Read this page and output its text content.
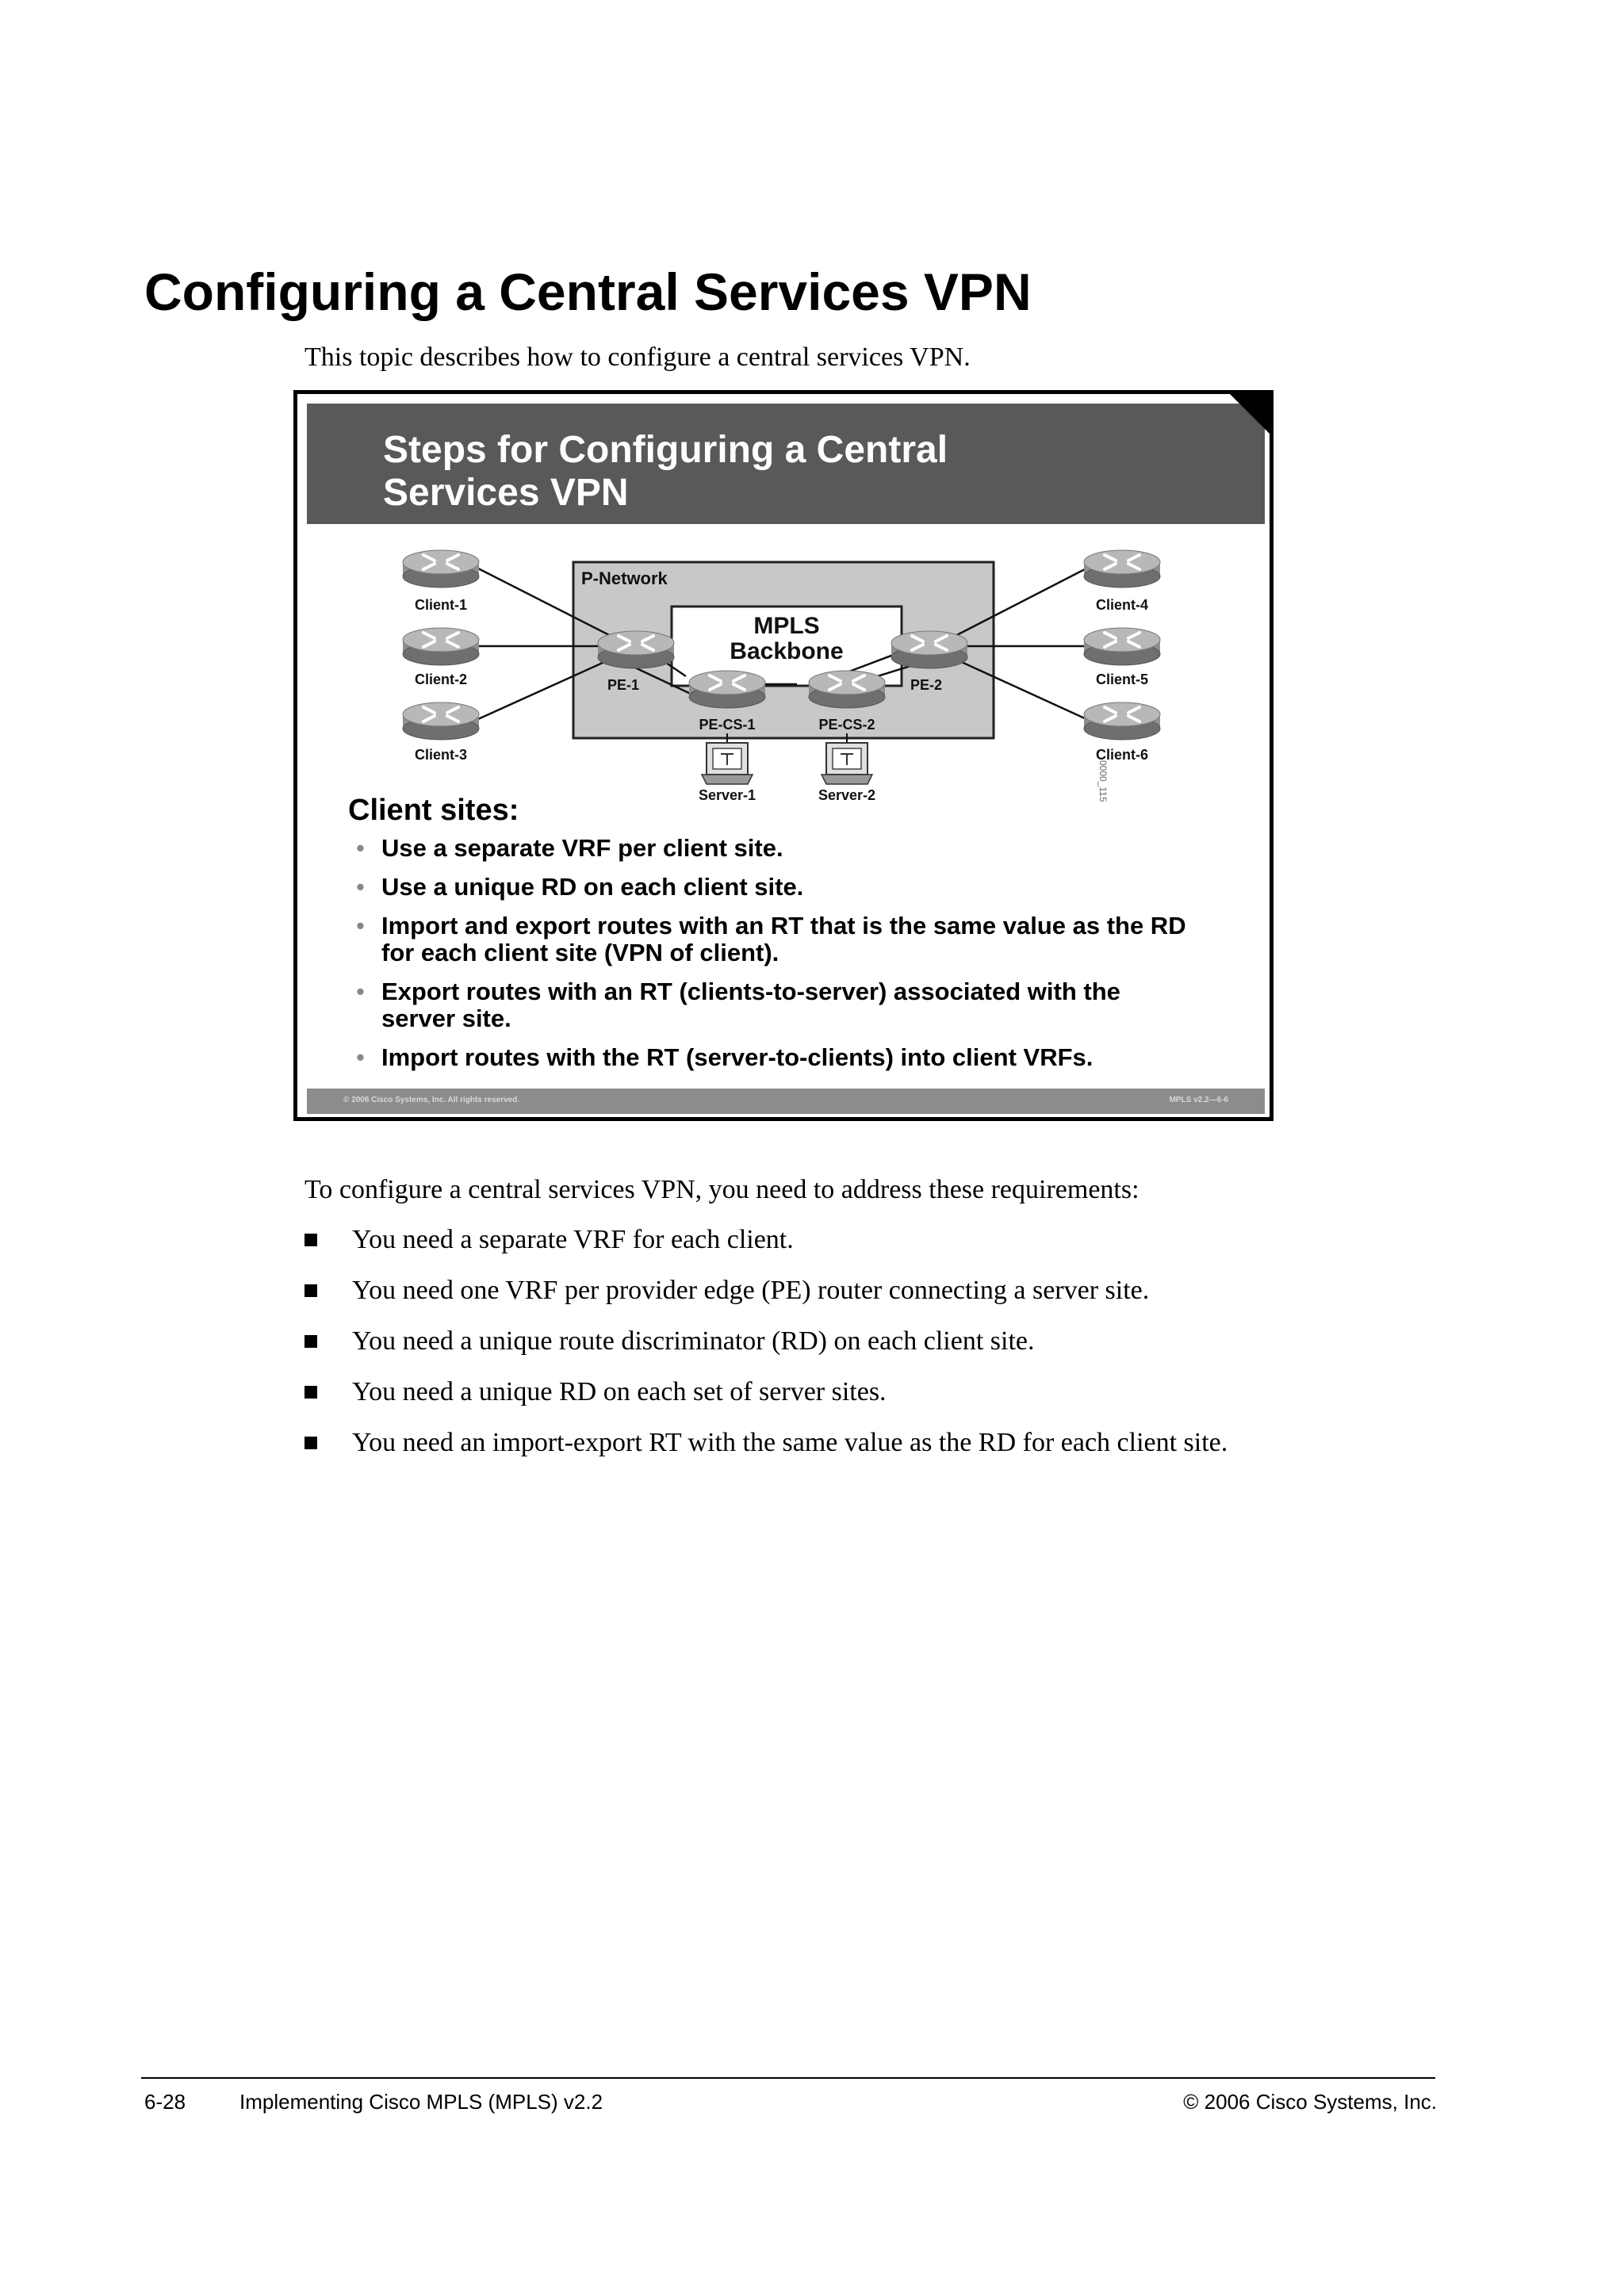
Configuring a Central Services VPN
This topic describes how to configure a central services VPN.
Steps for Configuring a Central
Services VPN
P-Network
MPLS
Backbone
Client-1
Client-2
Client-3
Client-4
Client-5
Client-6
PE-1	PE-2
PE-CS-1	PE-CS-2
Server-1	Server-2	0000_115
Client sites:
• Use a separate VRF per client site.
• Use a unique RD on each client site.
• Import and export routes with an RT that is the same value as the RD for each client site (VPN of client).
• Export routes with an RT (clients-to-server) associated with the server site.
• Import routes with the RT (server-to-clients) into client VRFs.
© 2006 Cisco Systems, Inc. All rights reserved.	MPLS v2.2—6-6
To configure a central services VPN, you need to address these requirements:
You need a separate VRF for each client.
You need one VRF per provider edge (PE) router connecting a server site.
You need a unique route discriminator (RD) on each client site.
You need a unique RD on each set of server sites.
You need an import-export RT with the same value as the RD for each client site.
6-28	Implementing Cisco MPLS (MPLS) v2.2	© 2006 Cisco Systems, Inc.
